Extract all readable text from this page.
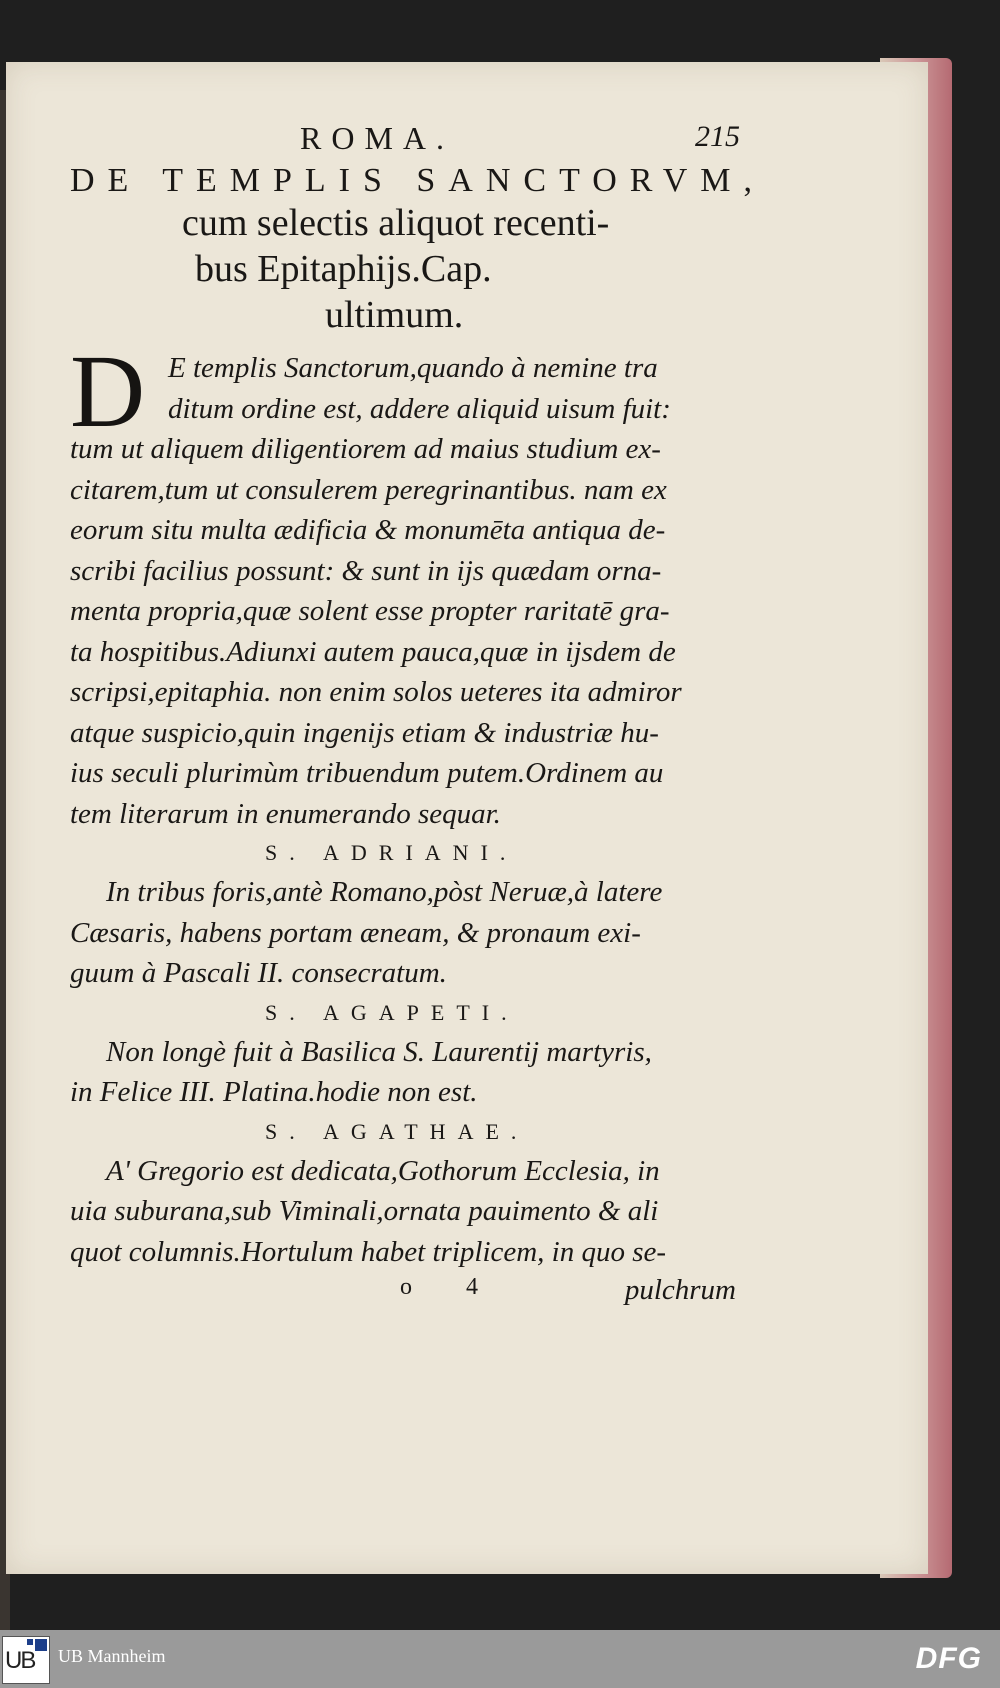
ROMA.	215
DE TEMPLIS SANCTORVM,
cum selectis aliquot recenti-
bus Epitaphijs.Cap.
ultimum.
D E templis Sanctorum,quando à nemine tra
ditum ordine est, addere aliquid uisum fuit:
tum ut aliquem diligentiorem ad maius studium ex-
citarem,tum ut consulerem peregrinantibus. nam ex
eorum situ multa ædificia & monumēta antiqua de-
scribi facilius possunt: & sunt in ijs quædam orna-
menta propria,quæ solent esse propter raritatē gra-
ta hospitibus.Adiunxi autem pauca,quæ in ijsdem de
scripsi,epitaphia. non enim solos ueteres ita admiror
atque suspicio,quin ingenijs etiam & industriæ hu-
ius seculi plurimùm tribuendum putem.Ordinem au
tem literarum in enumerando sequar.
S. ADRIANI.
In tribus foris,antè Romano,pòst Neruæ,à latere
Cæsaris, habens portam æneam, & pronaum exi-
guum à Pascali II. consecratum.
S. AGAPETI.
Non longè fuit à Basilica S. Laurentij martyris,
in Felice III. Platina.hodie non est.
S. AGATHAE.
A' Gregorio est dedicata,Gothorum Ecclesia, in
uia suburana,sub Viminali,ornata pauimento & ali
quot columnis.Hortulum habet triplicem, in quo se-
o 4	pulchrum
UB UB Mannheim	DFG
